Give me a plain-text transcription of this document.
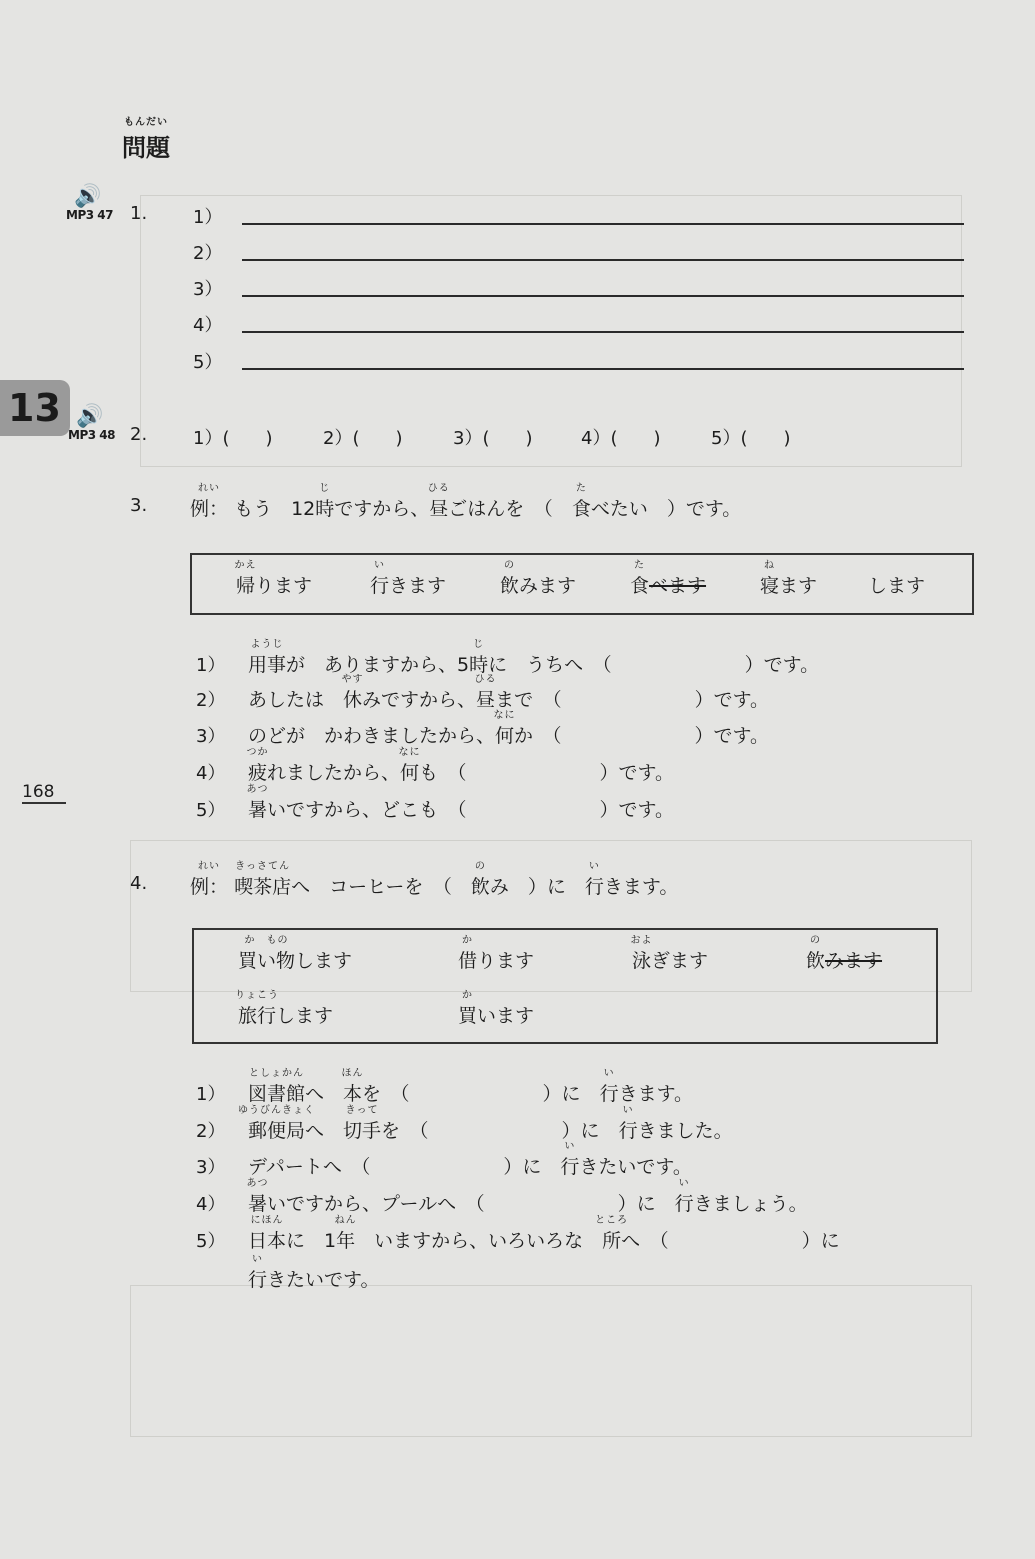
13
168
もんだい
問題
🔊
MP3 47 1.	1）
2）
3）
4）
5）
🔊
MP3 48 2.	1）(　　)	2）(　　)	3）(　　)	4）(　　)	5）(　　)
3.
れい
例： もう　12
じ
時ですから、
ひる
昼ごはんを　（　
た
食べたい　）です。
かえ
帰ります
い
行きます
の
飲みます
た
食べます
ね
寝ます	します
1）
ようじ
用事が　ありますから、5
じ
時に　うちへ　（　　　　　　　）です。
2） あしたは　
やす
休みですから、
ひる
昼まで　（　　　　　　　）です。
3） のどが　かわきましたから、
なに
何か　（　　　　　　　）です。
4）
つか
疲れましたから、
なに
何も　（　　　　　　　）です。
5）
あつ
暑いですから、どこも　（　　　　　　　）です。
4.
れい
例：
きっさてん
喫茶店へ　コーヒーを　（　
の
飲み　）に　
い
行きます。
か　もの
買い物します
か
借ります
およ
泳ぎます
の
飲みます
りょこう
旅行します
か
買います
1）
としょかん
図書館へ　
ほん
本を　（　　　　　　　）に　
い
行きます。
2）
ゆうびんきょく
郵便局へ　
きって
切手を　（　　　　　　　）に　
い
行きました。
3） デパートへ　（　　　　　　　）に　
い
行きたいです。
4）
あつ
暑いですから、プールへ　（　　　　　　　）に　
い
行きましょう。
5）
にほん
日本に　1
ねん
年　いますから、いろいろな　
ところ
所へ　（　　　　　　　）に
い
行きたいです。
